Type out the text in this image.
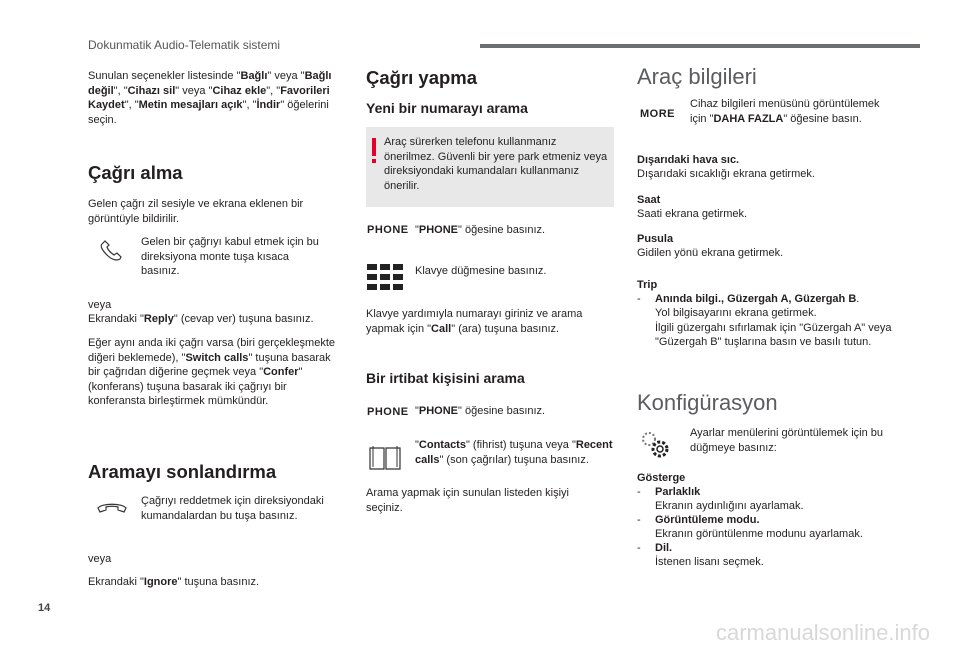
Dokunmatik Audio-Telematik sistemi
Sunulan seçenekler listesinde "Bağlı" veya "Bağlı değil", "Cihazı sil" veya "Cihaz ekle", "Favorileri Kaydet", "Metin mesajları açık", "İndir" öğelerini seçin.
Çağrı alma
Gelen çağrı zil sesiyle ve ekrana eklenen bir görüntüyle bildirilir.
Gelen bir çağrıyı kabul etmek için bu direksiyona monte tuşa kısaca basınız.
veya
Ekrandaki "Reply" (cevap ver) tuşuna basınız.
Eğer aynı anda iki çağrı varsa (biri gerçekleşmekte diğeri beklemede), "Switch calls" tuşuna basarak bir çağrıdan diğerine geçmek veya "Confer" (konferans) tuşuna basarak iki çağrıyı bir konferansta birleştirmek mümkündür.
Aramayı sonlandırma
Çağrıyı reddetmek için direksiyondaki kumandalardan bu tuşa basınız.
veya
Ekrandaki "Ignore" tuşuna basınız.
Çağrı yapma
Yeni bir numarayı arama
Araç sürerken telefonu kullanmanız önerilmez. Güvenli bir yere park etmeniz veya direksiyondaki kumandaları kullanmanız önerilir.
PHONE "PHONE" öğesine basınız.
Klavye düğmesine basınız.
Klavye yardımıyla numarayı giriniz ve arama yapmak için "Call" (ara) tuşuna basınız.
Bir irtibat kişisini arama
PHONE "PHONE" öğesine basınız.
"Contacts" (fihrist) tuşuna veya "Recent calls" (son çağrılar) tuşuna basınız.
Arama yapmak için sunulan listeden kişiyi seçiniz.
Araç bilgileri
MORE
Cihaz bilgileri menüsünü görüntülemek için "DAHA FAZLA" öğesine basın.
Dışarıdaki hava sıc.
Dışarıdaki sıcaklığı ekrana getirmek.
Saat
Saati ekrana getirmek.
Pusula
Gidilen yönü ekrana getirmek.
Trip
- Anında bilgi., Güzergah A, Güzergah B.
Yol bilgisayarını ekrana getirmek.
İlgili güzergahı sıfırlamak için "Güzergah A" veya "Güzergah B" tuşlarına basın ve basılı tutun.
Konfigürasyon
Ayarlar menülerini görüntülemek için bu düğmeye basınız:
Gösterge
- Parlaklık
Ekranın aydınlığını ayarlamak.
- Görüntüleme modu.
Ekranın görüntülenme modunu ayarlamak.
- Dil.
İstenen lisanı seçmek.
14
carmanualsonline.info
